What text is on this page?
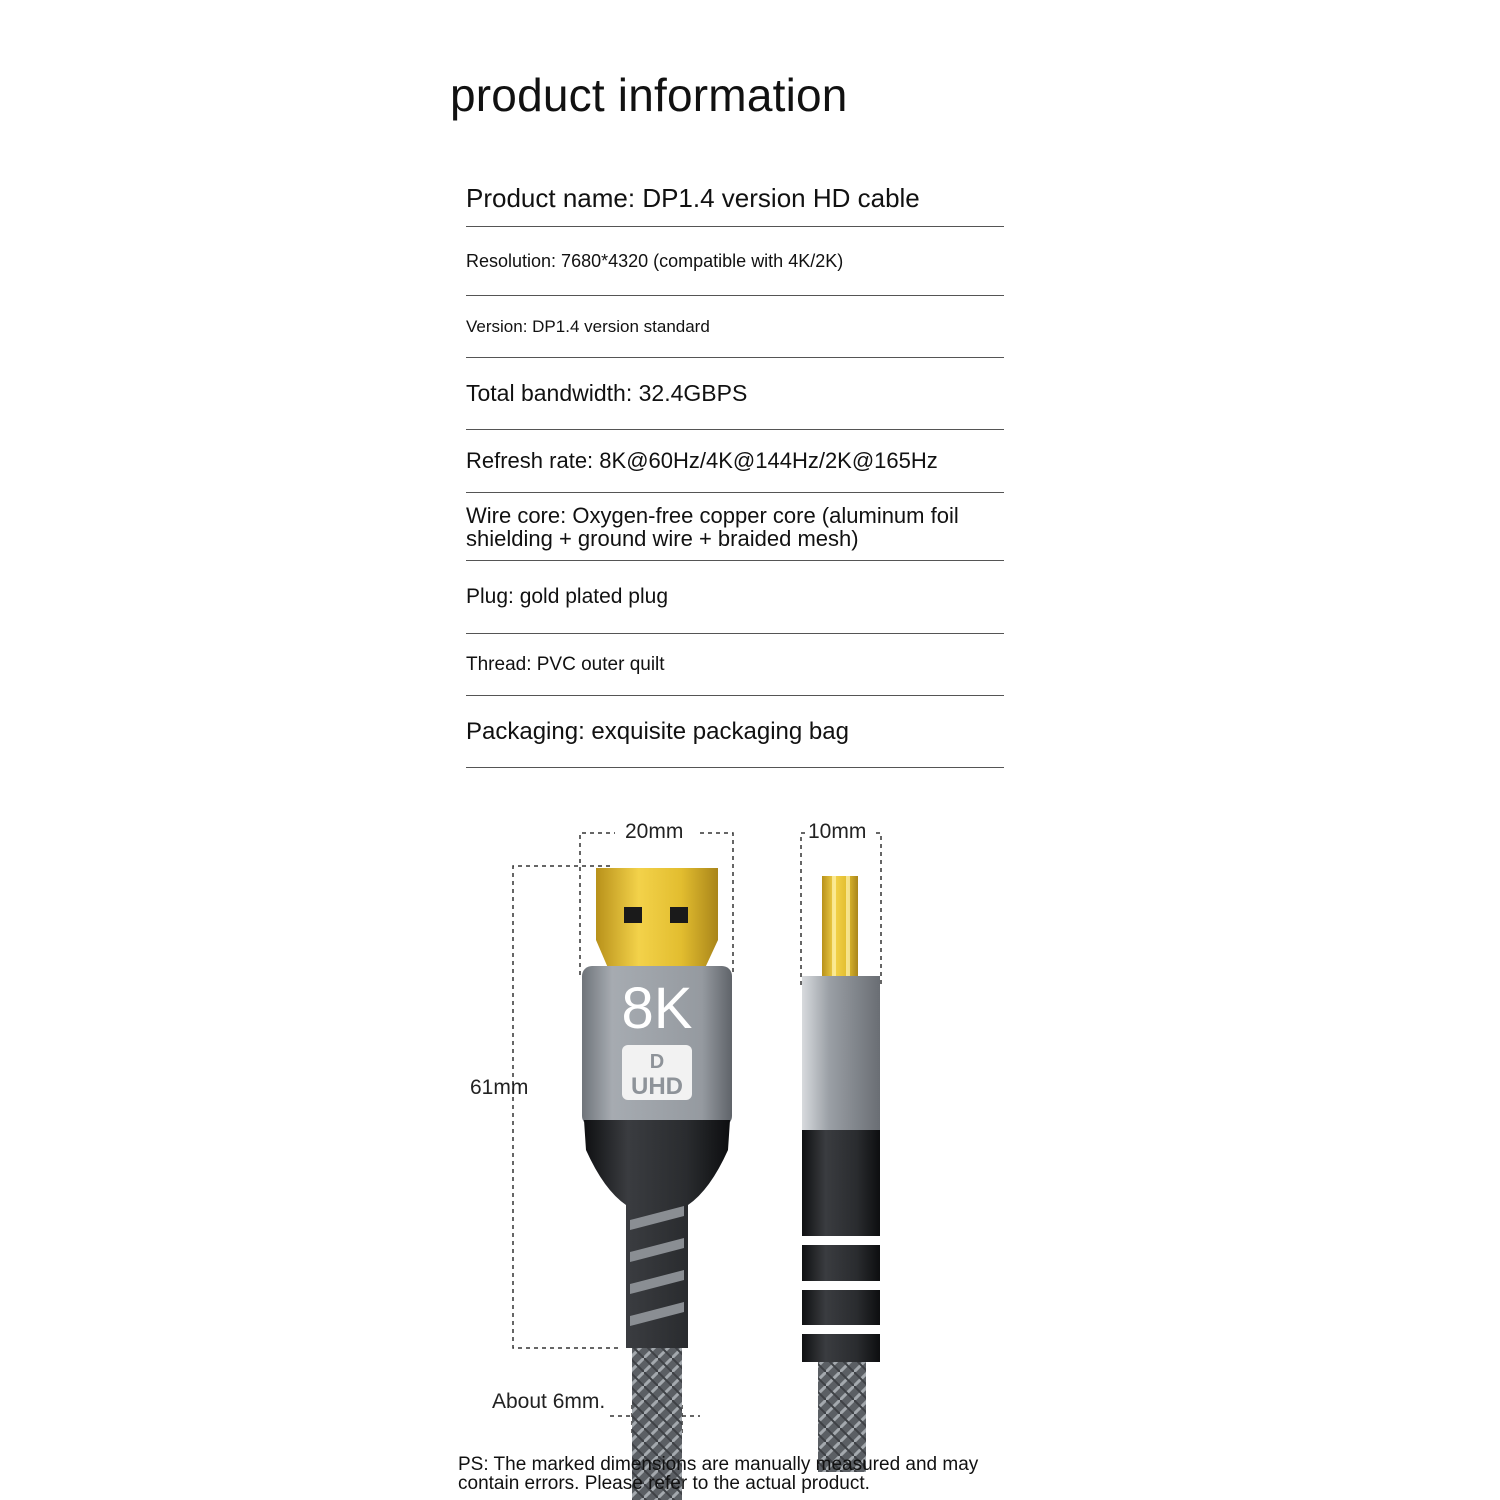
product information
Product name: DP1.4 version HD cable
Resolution: 7680*4320 (compatible with 4K/2K)
Version: DP1.4 version standard
Total bandwidth: 32.4GBPS
Refresh rate: 8K@60Hz/4K@144Hz/2K@165Hz
Wire core: Oxygen-free copper core (aluminum foil shielding + ground wire + braided mesh)
Plug: gold plated plug
Thread: PVC outer quilt
Packaging: exquisite packaging bag
8K
D
UHD
20mm	10mm
61mm
About 6mm.
PS: The marked dimensions are manually measured and may contain errors. Please refer to the actual product.
